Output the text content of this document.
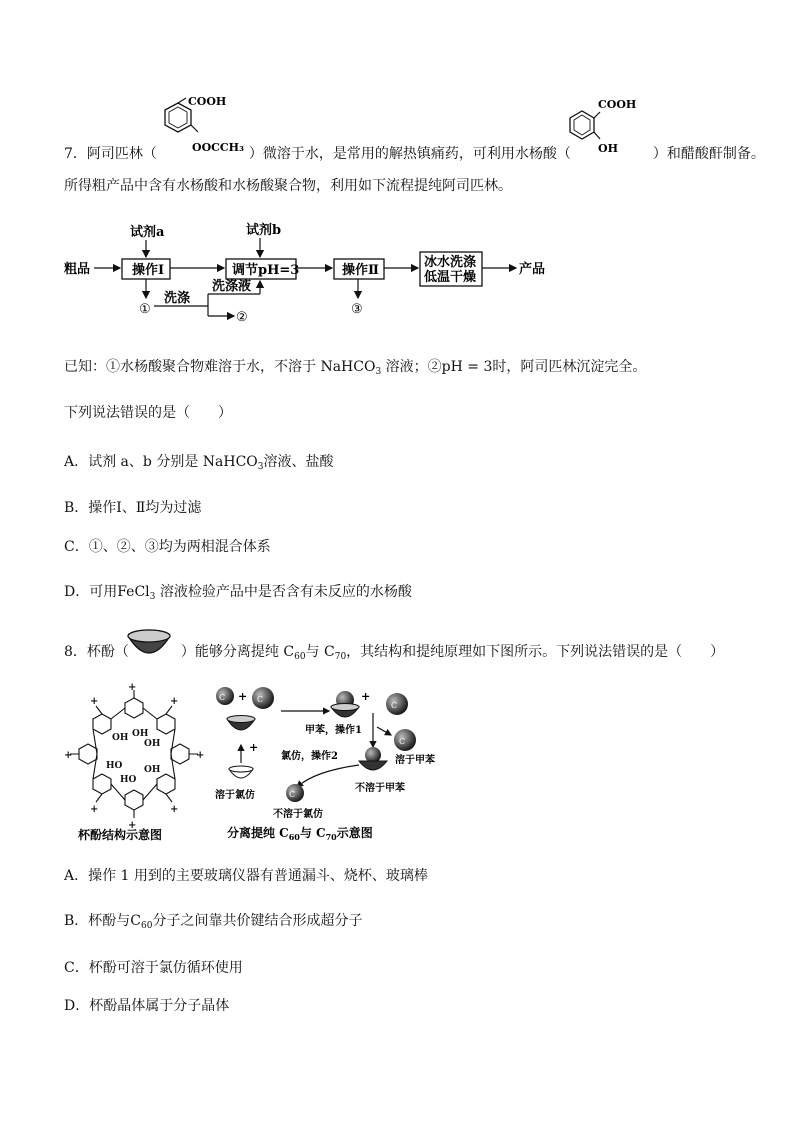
COOH
OOCCH₃
COOH
OH
7．阿司匹林（	）微溶于水，是常用的解热镇痛药，可利用水杨酸（	）和醋酸酐制备。
所得粗产品中含有水杨酸和水杨酸聚合物，利用如下流程提纯阿司匹林。
粗品	操作I
试剂a
调节pH=3
试剂b
操作Ⅱ
冰水洗涤
低温干燥
产品
①
洗涤
洗涤液
②
③
已知：①水杨酸聚合物难溶于水，不溶于 NaHCO$_3$ 溶液；②pH = 3时，阿司匹林沉淀完全。
下列说法错误的是（　　）
A．试剂 a、b 分别是 NaHCO$_3$溶液、盐酸
B．操作Ⅰ、Ⅱ均为过滤
C．①、②、③均为两相混合体系
D．可用FeCl$_3$ 溶液检验产品中是否含有未反应的水杨酸
8．杯酚（	）能够分离提纯 $C_{60}$与 $C_{70}$，其结构和提纯原理如下图所示。下列说法错误的是（　　）
+
+	+
+	+
+	+
+
OH OH
OH
HO OH
HO
杯酚结构示意图
C + C
+
+
C
甲苯，操作1
C
溶于甲苯
不溶于甲苯
氯仿，操作2
溶于氯仿	C
不溶于氯仿
分离提纯 $C_{60}$与 $C_{70}$示意图
A．操作 1 用到的主要玻璃仪器有普通漏斗、烧杯、玻璃棒
B．杯酚与$C_{60}$分子之间靠共价键结合形成超分子
C．杯酚可溶于氯仿循环使用
D．杯酚晶体属于分子晶体
